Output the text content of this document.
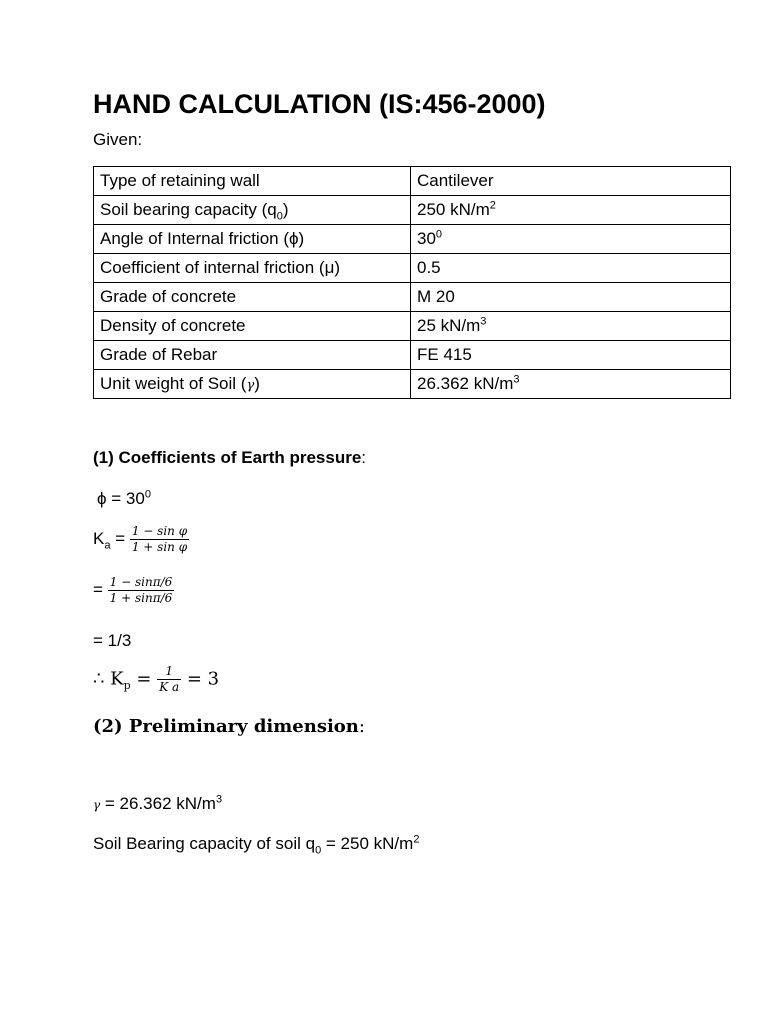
HAND CALCULATION (IS:456-2000)
Given:
Type of retaining wall	Cantilever
Soil bearing capacity $(q_0)$	250 $kN/m^2$
Angle of Internal friction (ϕ)	$30^0$
Coefficient of internal friction (μ)	0.5
Grade of concrete	M 20
Density of concrete	25 $kN/m^3$
Grade of Rebar	FE 415
Unit weight of Soil (γ)	26.362 $kN/m^3$
(1) Coefficients of Earth pressure:
$\phi = 30^0$
$K_a = \frac{\text{1 − sin φ}}{\text{1 + sin φ}}$
= $\frac{1 - \sin\pi/6}{1 + \sin\pi/6}$
= 1/3
∴ $K_p = \frac{1}{\text{K a}} = 3$
(2) Preliminary dimension:
γ = 26.362 $kN/m^3$
Soil Bearing capacity of soil $q_0 = 250$ $kN/m^2$
